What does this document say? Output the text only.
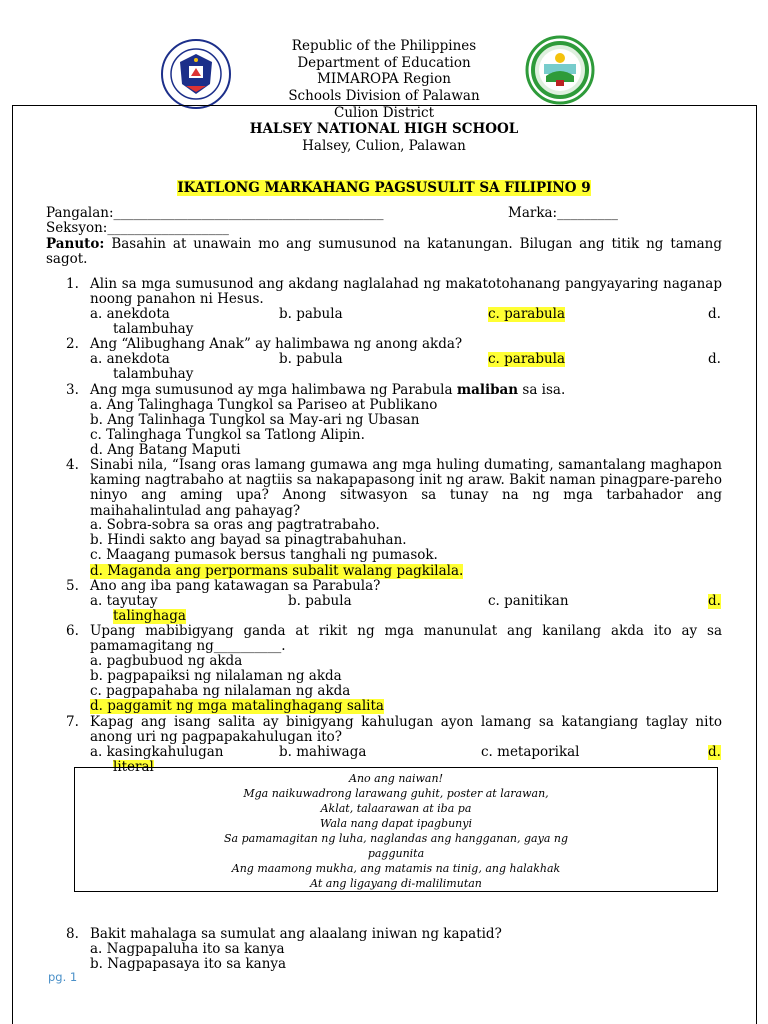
Republic of the Philippines
Department of Education
MIMAROPA Region
Schools Division of Palawan
Culion District
HALSEY NATIONAL HIGH SCHOOL
Halsey, Culion, Palawan
IKATLONG MARKAHANG PAGSUSULIT SA FILIPINO 9
Pangalan:________________________________________	Marka:_________
Seksyon:__________________
Panuto: Basahin at unawain mo ang sumusunod na katanungan. Bilugan ang titik ng tamang sagot.
1. Alin sa mga sumusunod ang akdang naglalahad ng makatotohanang pangyayaring naganap noong panahon ni Hesus.
a. anekdota	b. pabula	c. parabula	d.
talambuhay
2. Ang “Alibughang Anak” ay halimbawa ng anong akda?
a. anekdota	b. pabula	c. parabula	d.
talambuhay
3. Ang mga sumusunod ay mga halimbawa ng Parabula maliban sa isa.
a. Ang Talinghaga Tungkol sa Pariseo at Publikano
b. Ang Talinhaga Tungkol sa May-ari ng Ubasan
c. Talinghaga Tungkol sa Tatlong Alipin.
d. Ang Batang Maputi
4. Sinabi nila, “Isang oras lamang gumawa ang mga huling dumating, samantalang maghapon kaming nagtrabaho at nagtiis sa nakapapasong init ng araw. Bakit naman pinagpare-pareho ninyo ang aming upa? Anong sitwasyon sa tunay na ng mga tarbahador ang maihahalintulad ang pahayag?
a. Sobra-sobra sa oras ang pagtratrabaho.
b. Hindi sakto ang bayad sa pinagtrabahuhan.
c. Maagang pumasok bersus tanghali ng pumasok.
d. Maganda ang perpormans subalit walang pagkilala.
5. Ano ang iba pang katawagan sa Parabula?
a. tayutay	b. pabula	c. panitikan	d.
talinghaga
6. Upang mabibigyang ganda at rikit ng mga manunulat ang kanilang akda ito ay sa pamamagitang ng__________.
a. pagbubuod ng akda
b. pagpapaiksi ng nilalaman ng akda
c. pagpapahaba ng nilalaman ng akda
d. paggamit ng mga matalinghagang salita
7. Kapag ang isang salita ay binigyang kahulugan ayon lamang sa katangiang taglay nito anong uri ng pagpapakahulugan ito?
a. kasingkahulugan	b. mahiwaga	c. metaporikal	d.
literal
Ano ang naiwan!
Mga naikuwadrong larawang guhit, poster at larawan,
Aklat, talaarawan at iba pa
Wala nang dapat ipagbunyi
Sa pamamagitan ng luha, naglandas ang hangganan, gaya ng
paggunita
Ang maamong mukha, ang matamis na tinig, ang halakhak
At ang ligayang di-malilimutan
8. Bakit mahalaga sa sumulat ang alaalang iniwan ng kapatid?
a. Nagpapaluha ito sa kanya
b. Nagpapasaya ito sa kanya
pg. 1
